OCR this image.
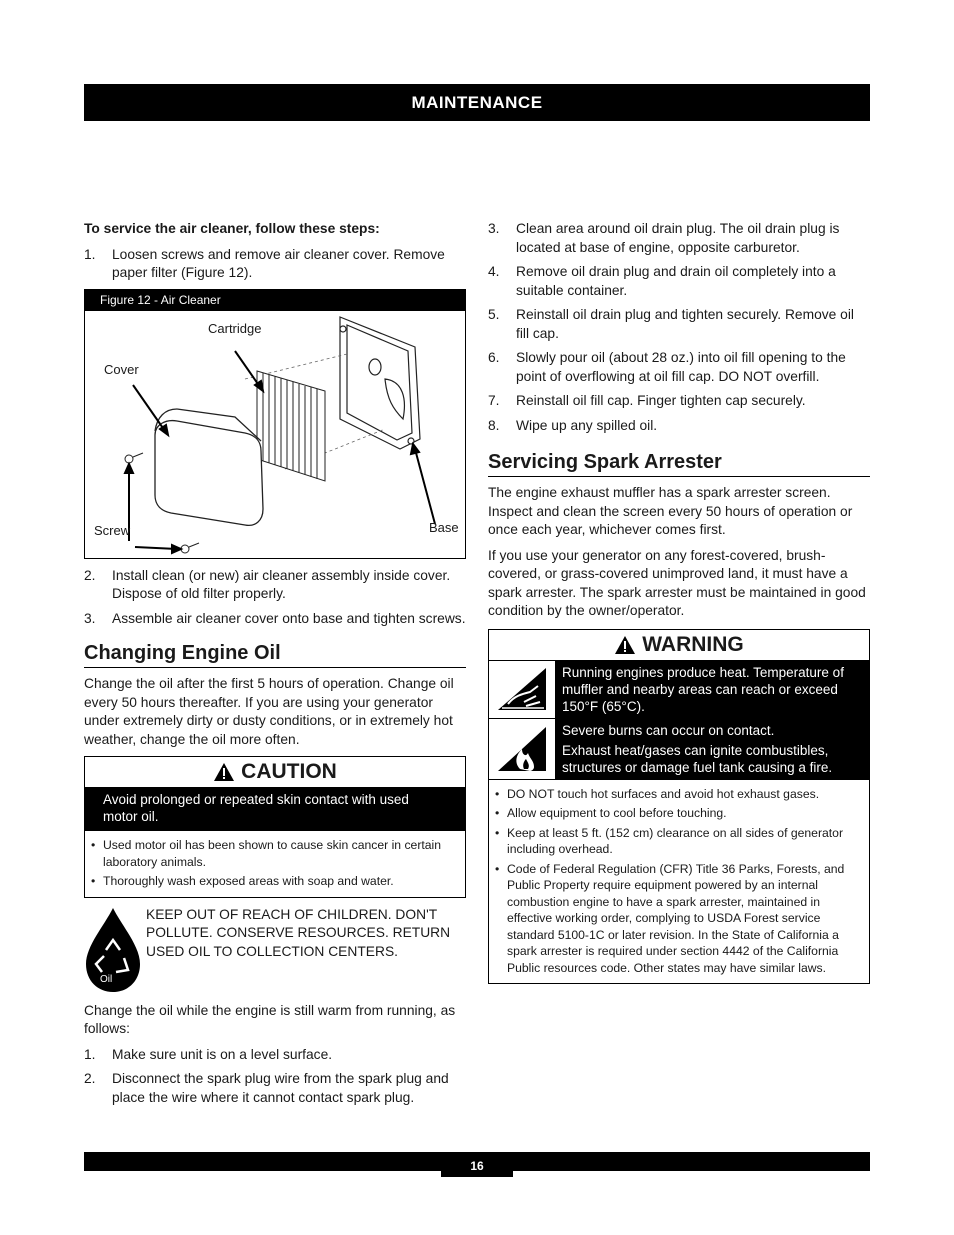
MAINTENANCE

To service the air cleaner, follow these steps:

1. Loosen screws and remove air cleaner cover. Remove paper filter (Figure 12).
Figure 12 - Air Cleaner
Cartridge
Cover
Screw	Base
2. Install clean (or new) air cleaner assembly inside cover. Dispose of old filter properly.
3. Assemble air cleaner cover onto base and tighten screws.
Changing Engine Oil

Change the oil after the first 5 hours of operation. Change oil every 50 hours thereafter. If you are using your generator under extremely dirty or dusty conditions, or in extremely hot weather, change the oil more often.

CAUTION
Avoid prolonged or repeated skin contact with used motor oil.
• Used motor oil has been shown to cause skin cancer in certain laboratory animals.
• Thoroughly wash exposed areas with soap and water.
Oil
KEEP OUT OF REACH OF CHILDREN. DON'T POLLUTE. CONSERVE RESOURCES. RETURN USED OIL TO COLLECTION CENTERS.

Change the oil while the engine is still warm from running, as follows:

1. Make sure unit is on a level surface.
2. Disconnect the spark plug wire from the spark plug and place the wire where it cannot contact spark plug.
3. Clean area around oil drain plug. The oil drain plug is located at base of engine, opposite carburetor.
4. Remove oil drain plug and drain oil completely into a suitable container.
5. Reinstall oil drain plug and tighten securely. Remove oil fill cap.
6. Slowly pour oil (about 28 oz.) into oil fill opening to the point of overflowing at oil fill cap. DO NOT overfill.
7. Reinstall oil fill cap. Finger tighten cap securely.
8. Wipe up any spilled oil.
Servicing Spark Arrester

The engine exhaust muffler has a spark arrester screen. Inspect and clean the screen every 50 hours of operation or once each year, whichever comes first.

If you use your generator on any forest-covered, brush-covered, or grass-covered unimproved land, it must have a spark arrester. The spark arrester must be maintained in good condition by the owner/operator.

WARNING
Running engines produce heat. Temperature of muffler and nearby areas can reach or exceed 150°F (65°C).
Severe burns can occur on contact.
Exhaust heat/gases can ignite combustibles, structures or damage fuel tank causing a fire.
• DO NOT touch hot surfaces and avoid hot exhaust gases.
• Allow equipment to cool before touching.
• Keep at least 5 ft. (152 cm) clearance on all sides of generator including overhead.
• Code of Federal Regulation (CFR) Title 36 Parks, Forests, and Public Property require equipment powered by an internal combustion engine to have a spark arrester, maintained in effective working order, complying to USDA Forest service standard 5100-1C or later revision. In the State of California a spark arrester is required under section 4442 of the California Public resources code. Other states may have similar laws.
16
